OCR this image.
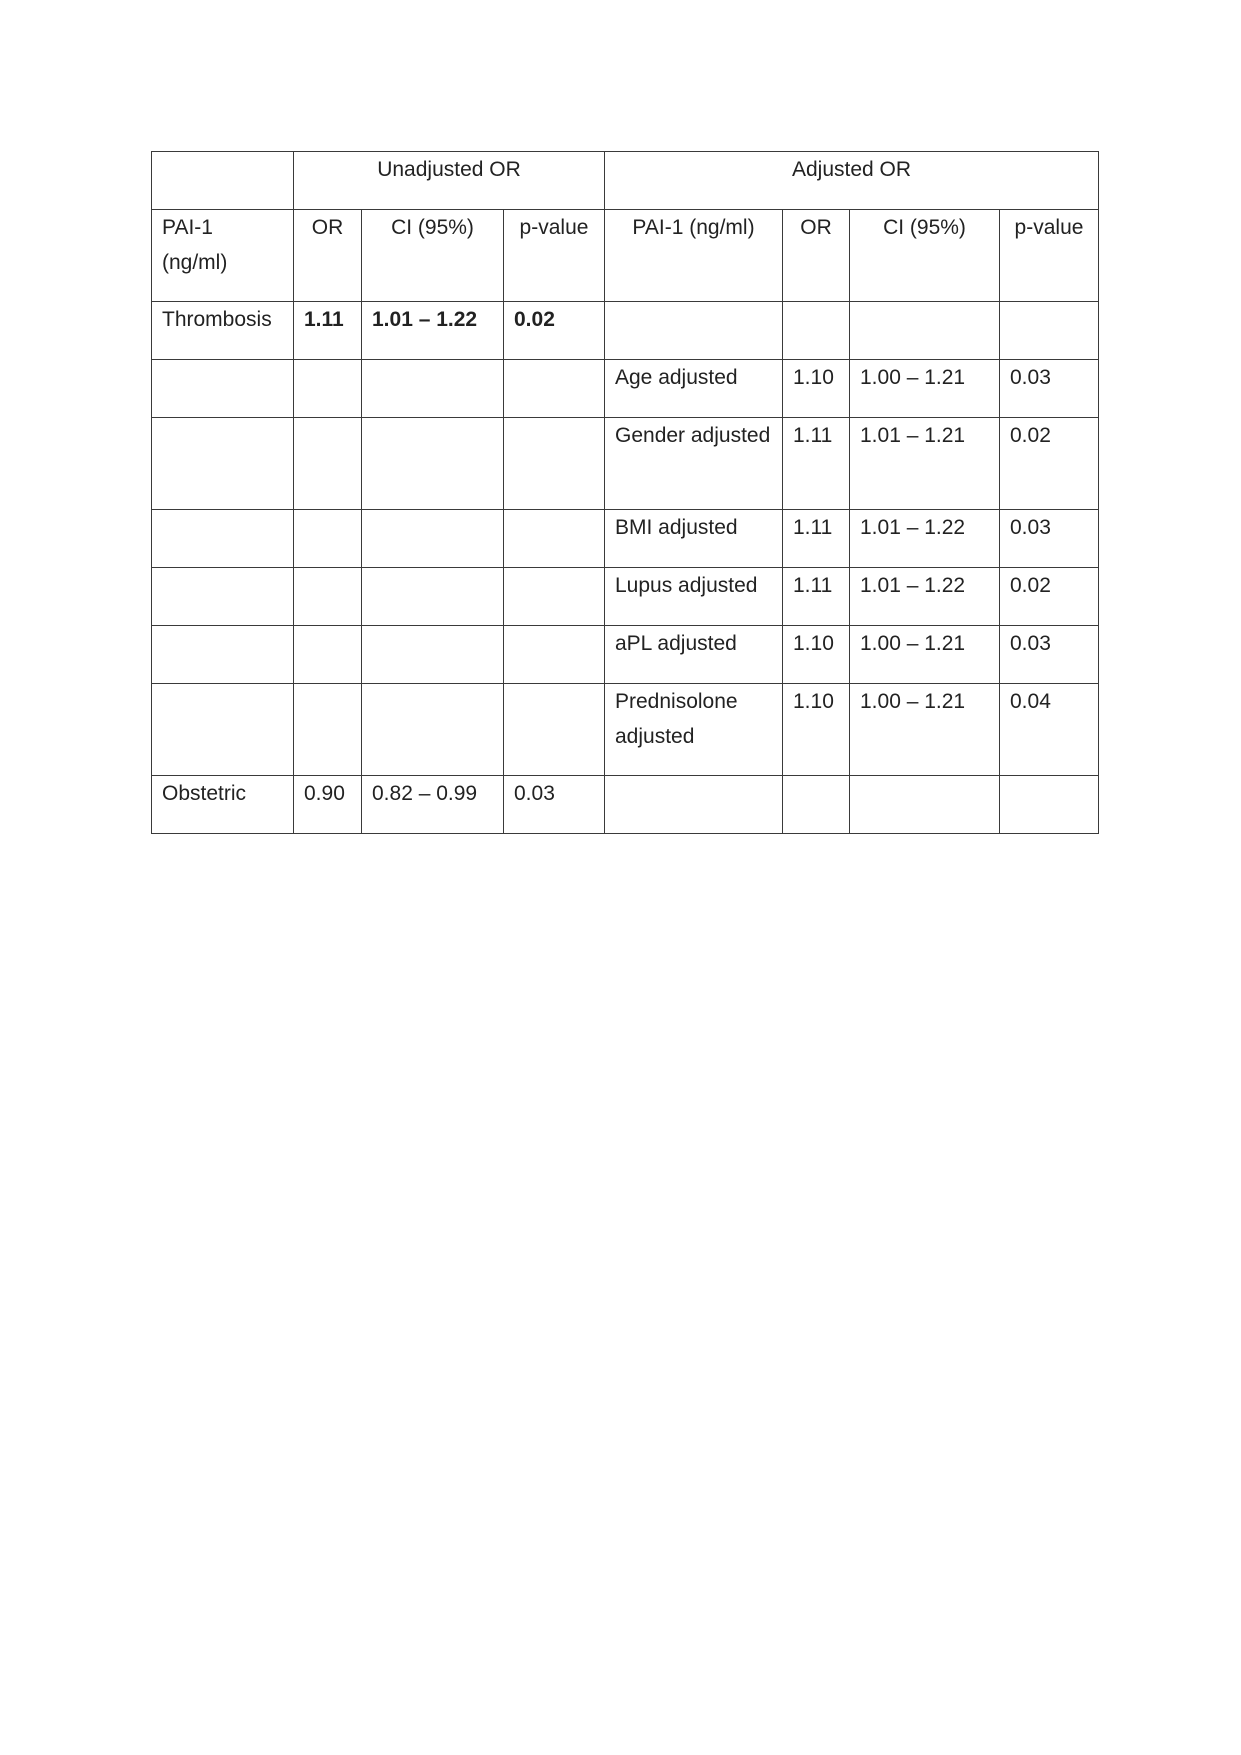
	Unadjusted OR			Adjusted OR			
PAI-1 (ng/ml)	OR	CI (95%)	p-value	PAI-1 (ng/ml)	OR	CI (95%)	p-value
Thrombosis	1.11	1.01 – 1.22	0.02				
				Age adjusted	1.10	1.00 – 1.21	0.03
				Gender adjusted	1.11	1.01 – 1.21	0.02
				BMI adjusted	1.11	1.01 – 1.22	0.03
				Lupus adjusted	1.11	1.01 – 1.22	0.02
				aPL adjusted	1.10	1.00 – 1.21	0.03
				Prednisolone adjusted	1.10	1.00 – 1.21	0.04
Obstetric	0.90	0.82 – 0.99	0.03				
